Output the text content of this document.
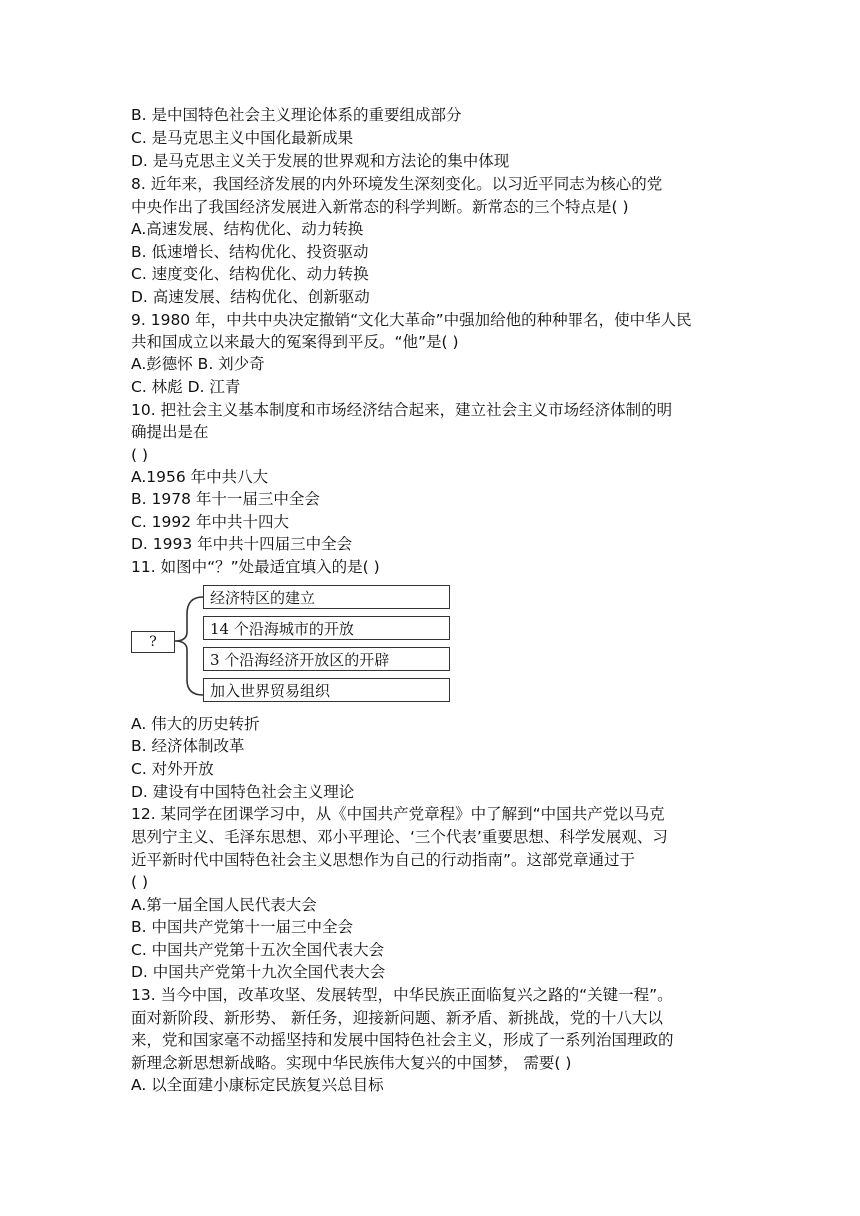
B. 是中国特色社会主义理论体系的重要组成部分
C. 是马克思主义中国化最新成果
D. 是马克思主义关于发展的世界观和方法论的集中体现
8. 近年来，我国经济发展的内外环境发生深刻变化。以习近平同志为核心的党
中央作出了我国经济发展进入新常态的科学判断。新常态的三个特点是( )
A.高速发展、结构优化、动力转换
B. 低速增长、结构优化、投资驱动
C. 速度变化、结构优化、动力转换
D. 高速发展、结构优化、创新驱动
9. 1980 年，中共中央决定撤销“文化大革命”中强加给他的种种罪名，使中华人民
共和国成立以来最大的冤案得到平反。“他”是( )
A.彭德怀 B. 刘少奇
C. 林彪 D. 江青
10. 把社会主义基本制度和市场经济结合起来，建立社会主义市场经济体制的明
确提出是在
( )
A.1956 年中共八大
B. 1978 年十一届三中全会
C. 1992 年中共十四大
D. 1993 年中共十四届三中全会
11. 如图中“？”处最适宜填入的是( )
?
经济特区的建立
14 个沿海城市的开放
3 个沿海经济开放区的开辟
加入世界贸易组织
A. 伟大的历史转折
B. 经济体制改革
C. 对外开放
D. 建设有中国特色社会主义理论
12. 某同学在团课学习中，从《中国共产党章程》中了解到“中国共产党以马克
思列宁主义、毛泽东思想、邓小平理论、‘三个代表’重要思想、科学发展观、习
近平新时代中国特色社会主义思想作为自己的行动指南”。这部党章通过于
( )
A.第一届全国人民代表大会
B. 中国共产党第十一届三中全会
C. 中国共产党第十五次全国代表大会
D. 中国共产党第十九次全国代表大会
13. 当今中国，改革攻坚、发展转型，中华民族正面临复兴之路的“关键一程”。
面对新阶段、新形势、 新任务，迎接新问题、新矛盾、新挑战，党的十八大以
来，党和国家毫不动摇坚持和发展中国特色社会主义，形成了一系列治国理政的
新理念新思想新战略。实现中华民族伟大复兴的中国梦， 需要( )
A. 以全面建小康标定民族复兴总目标
